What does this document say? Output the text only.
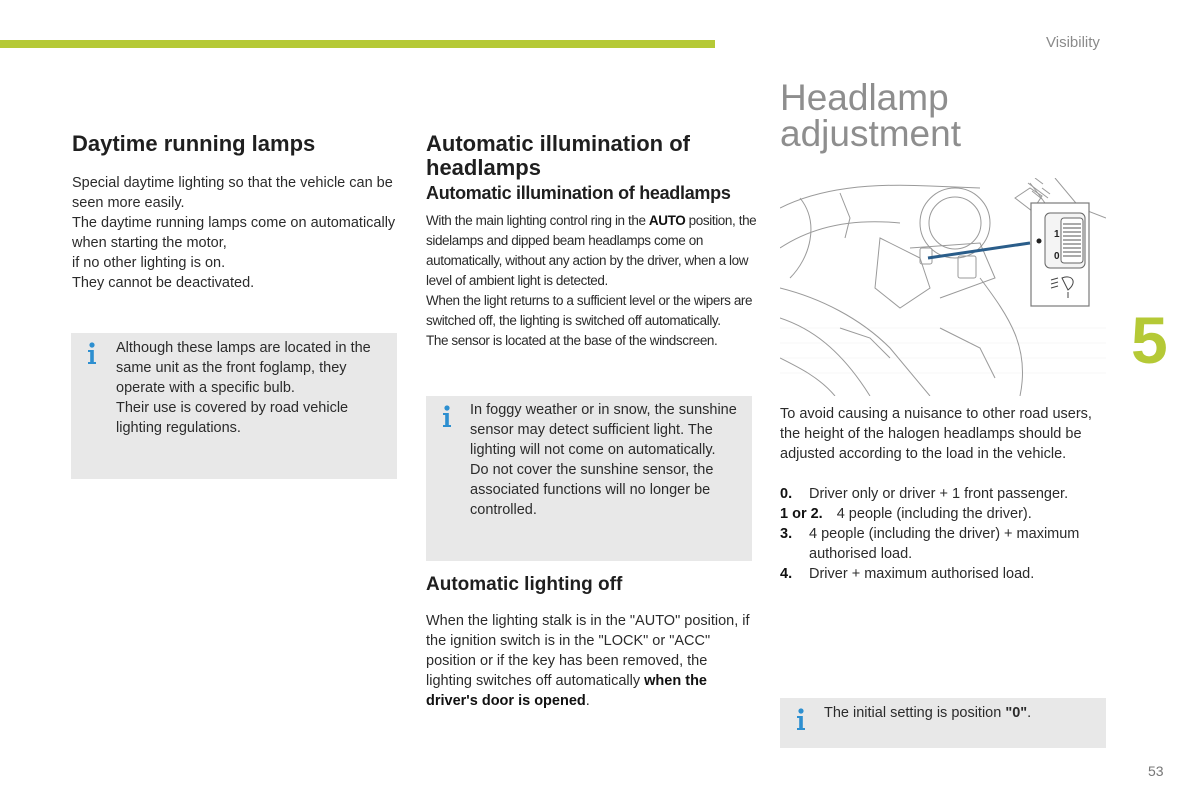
Visibility
5
Daytime running lamps

Special daytime lighting so that the vehicle can be seen more easily.

The daytime running lamps come on automatically when starting the motor,

if no other lighting is on.

They cannot be deactivated.

Although these lamps are located in the same unit as the front foglamp, they operate with a specific bulb.

Their use is covered by road vehicle lighting regulations.

Automatic illumination of headlamps
Automatic illumination of headlamps

With the main lighting control ring in the AUTO position, the sidelamps and dipped beam headlamps come on automatically, without any action by the driver, when a low level of ambient light is detected.

When the light returns to a sufficient level or the wipers are switched off, the lighting is switched off automatically.

The sensor is located at the base of the windscreen.

In foggy weather or in snow, the sunshine sensor may detect sufficient light. The lighting will not come on automatically.

Do not cover the sunshine sensor, the associated functions will no longer be controlled.

Automatic lighting off

When the lighting stalk is in the "AUTO" position, if the ignition switch is in the "LOCK" or "ACC" position or if the key has been removed, the lighting switches off automatically when the driver's door is opened.

Headlamp adjustment
1
0
To avoid causing a nuisance to other road users, the height of the halogen headlamps should be adjusted according to the load in the vehicle.
0. Driver only or driver + 1 front passenger.
1 or 2. 4 people (including the driver).
3. 4 people (including the driver) + maximum authorised load.
4. Driver + maximum authorised load.

The initial setting is position "0".

53
